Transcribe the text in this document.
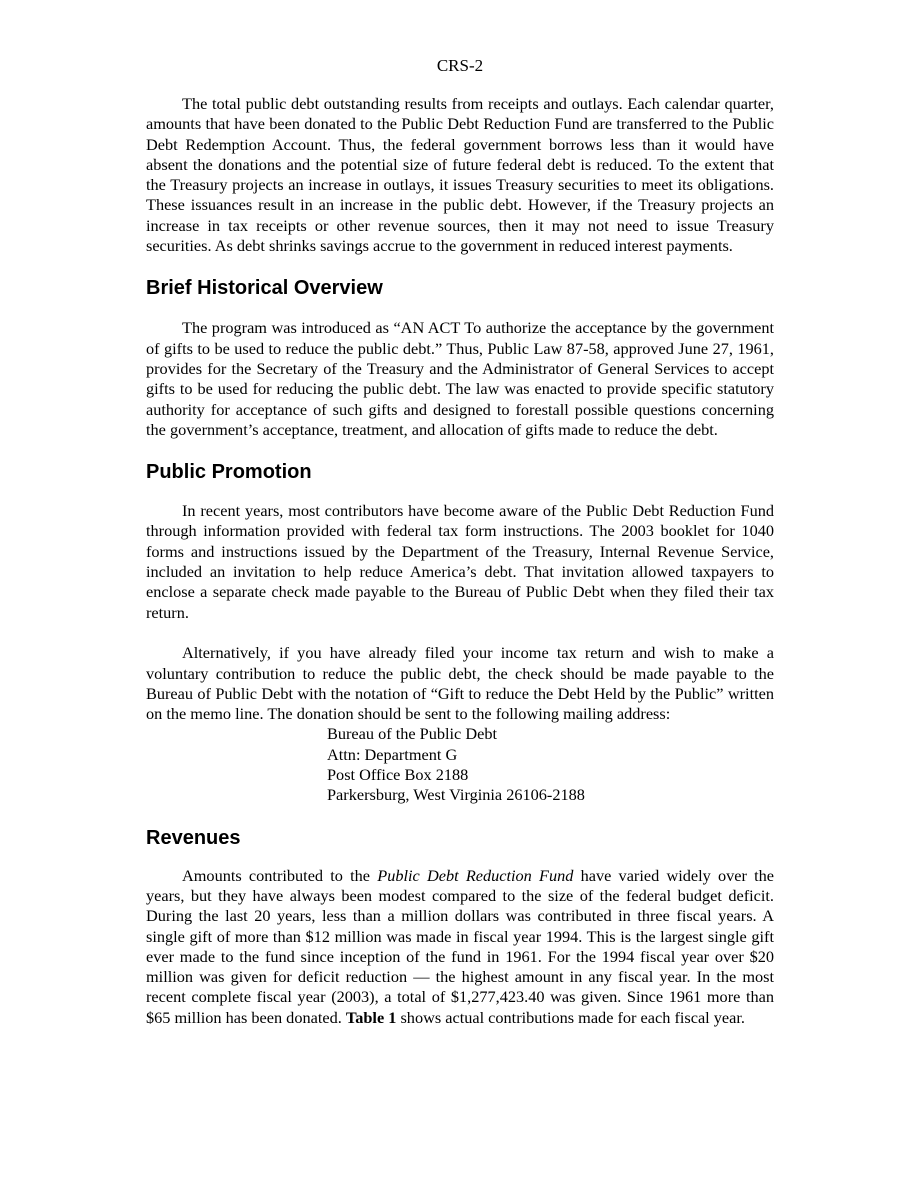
CRS-2

The total public debt outstanding results from receipts and outlays. Each calendar quarter, amounts that have been donated to the Public Debt Reduction Fund are transferred to the Public Debt Redemption Account. Thus, the federal government borrows less than it would have absent the donations and the potential size of future federal debt is reduced. To the extent that the Treasury projects an increase in outlays, it issues Treasury securities to meet its obligations. These issuances result in an increase in the public debt. However, if the Treasury projects an increase in tax receipts or other revenue sources, then it may not need to issue Treasury securities. As debt shrinks savings accrue to the government in reduced interest payments.

Brief Historical Overview

The program was introduced as “AN ACT To authorize the acceptance by the government of gifts to be used to reduce the public debt.” Thus, Public Law 87-58, approved June 27, 1961, provides for the Secretary of the Treasury and the Administrator of General Services to accept gifts to be used for reducing the public debt. The law was enacted to provide specific statutory authority for acceptance of such gifts and designed to forestall possible questions concerning the government’s acceptance, treatment, and allocation of gifts made to reduce the debt.

Public Promotion

In recent years, most contributors have become aware of the Public Debt Reduction Fund through information provided with federal tax form instructions. The 2003 booklet for 1040 forms and instructions issued by the Department of the Treasury, Internal Revenue Service, included an invitation to help reduce America’s debt. That invitation allowed taxpayers to enclose a separate check made payable to the Bureau of Public Debt when they filed their tax return.

Alternatively, if you have already filed your income tax return and wish to make a voluntary contribution to reduce the public debt, the check should be made payable to the Bureau of Public Debt with the notation of “Gift to reduce the Debt Held by the Public” written on the memo line. The donation should be sent to the following mailing address:

Bureau of the Public Debt
Attn: Department G
Post Office Box 2188
Parkersburg, West Virginia 26106-2188
Revenues

Amounts contributed to the Public Debt Reduction Fund have varied widely over the years, but they have always been modest compared to the size of the federal budget deficit. During the last 20 years, less than a million dollars was contributed in three fiscal years. A single gift of more than $12 million was made in fiscal year 1994. This is the largest single gift ever made to the fund since inception of the fund in 1961. For the 1994 fiscal year over $20 million was given for deficit reduction — the highest amount in any fiscal year. In the most recent complete fiscal year (2003), a total of $1,277,423.40 was given. Since 1961 more than $65 million has been donated. Table 1 shows actual contributions made for each fiscal year.
